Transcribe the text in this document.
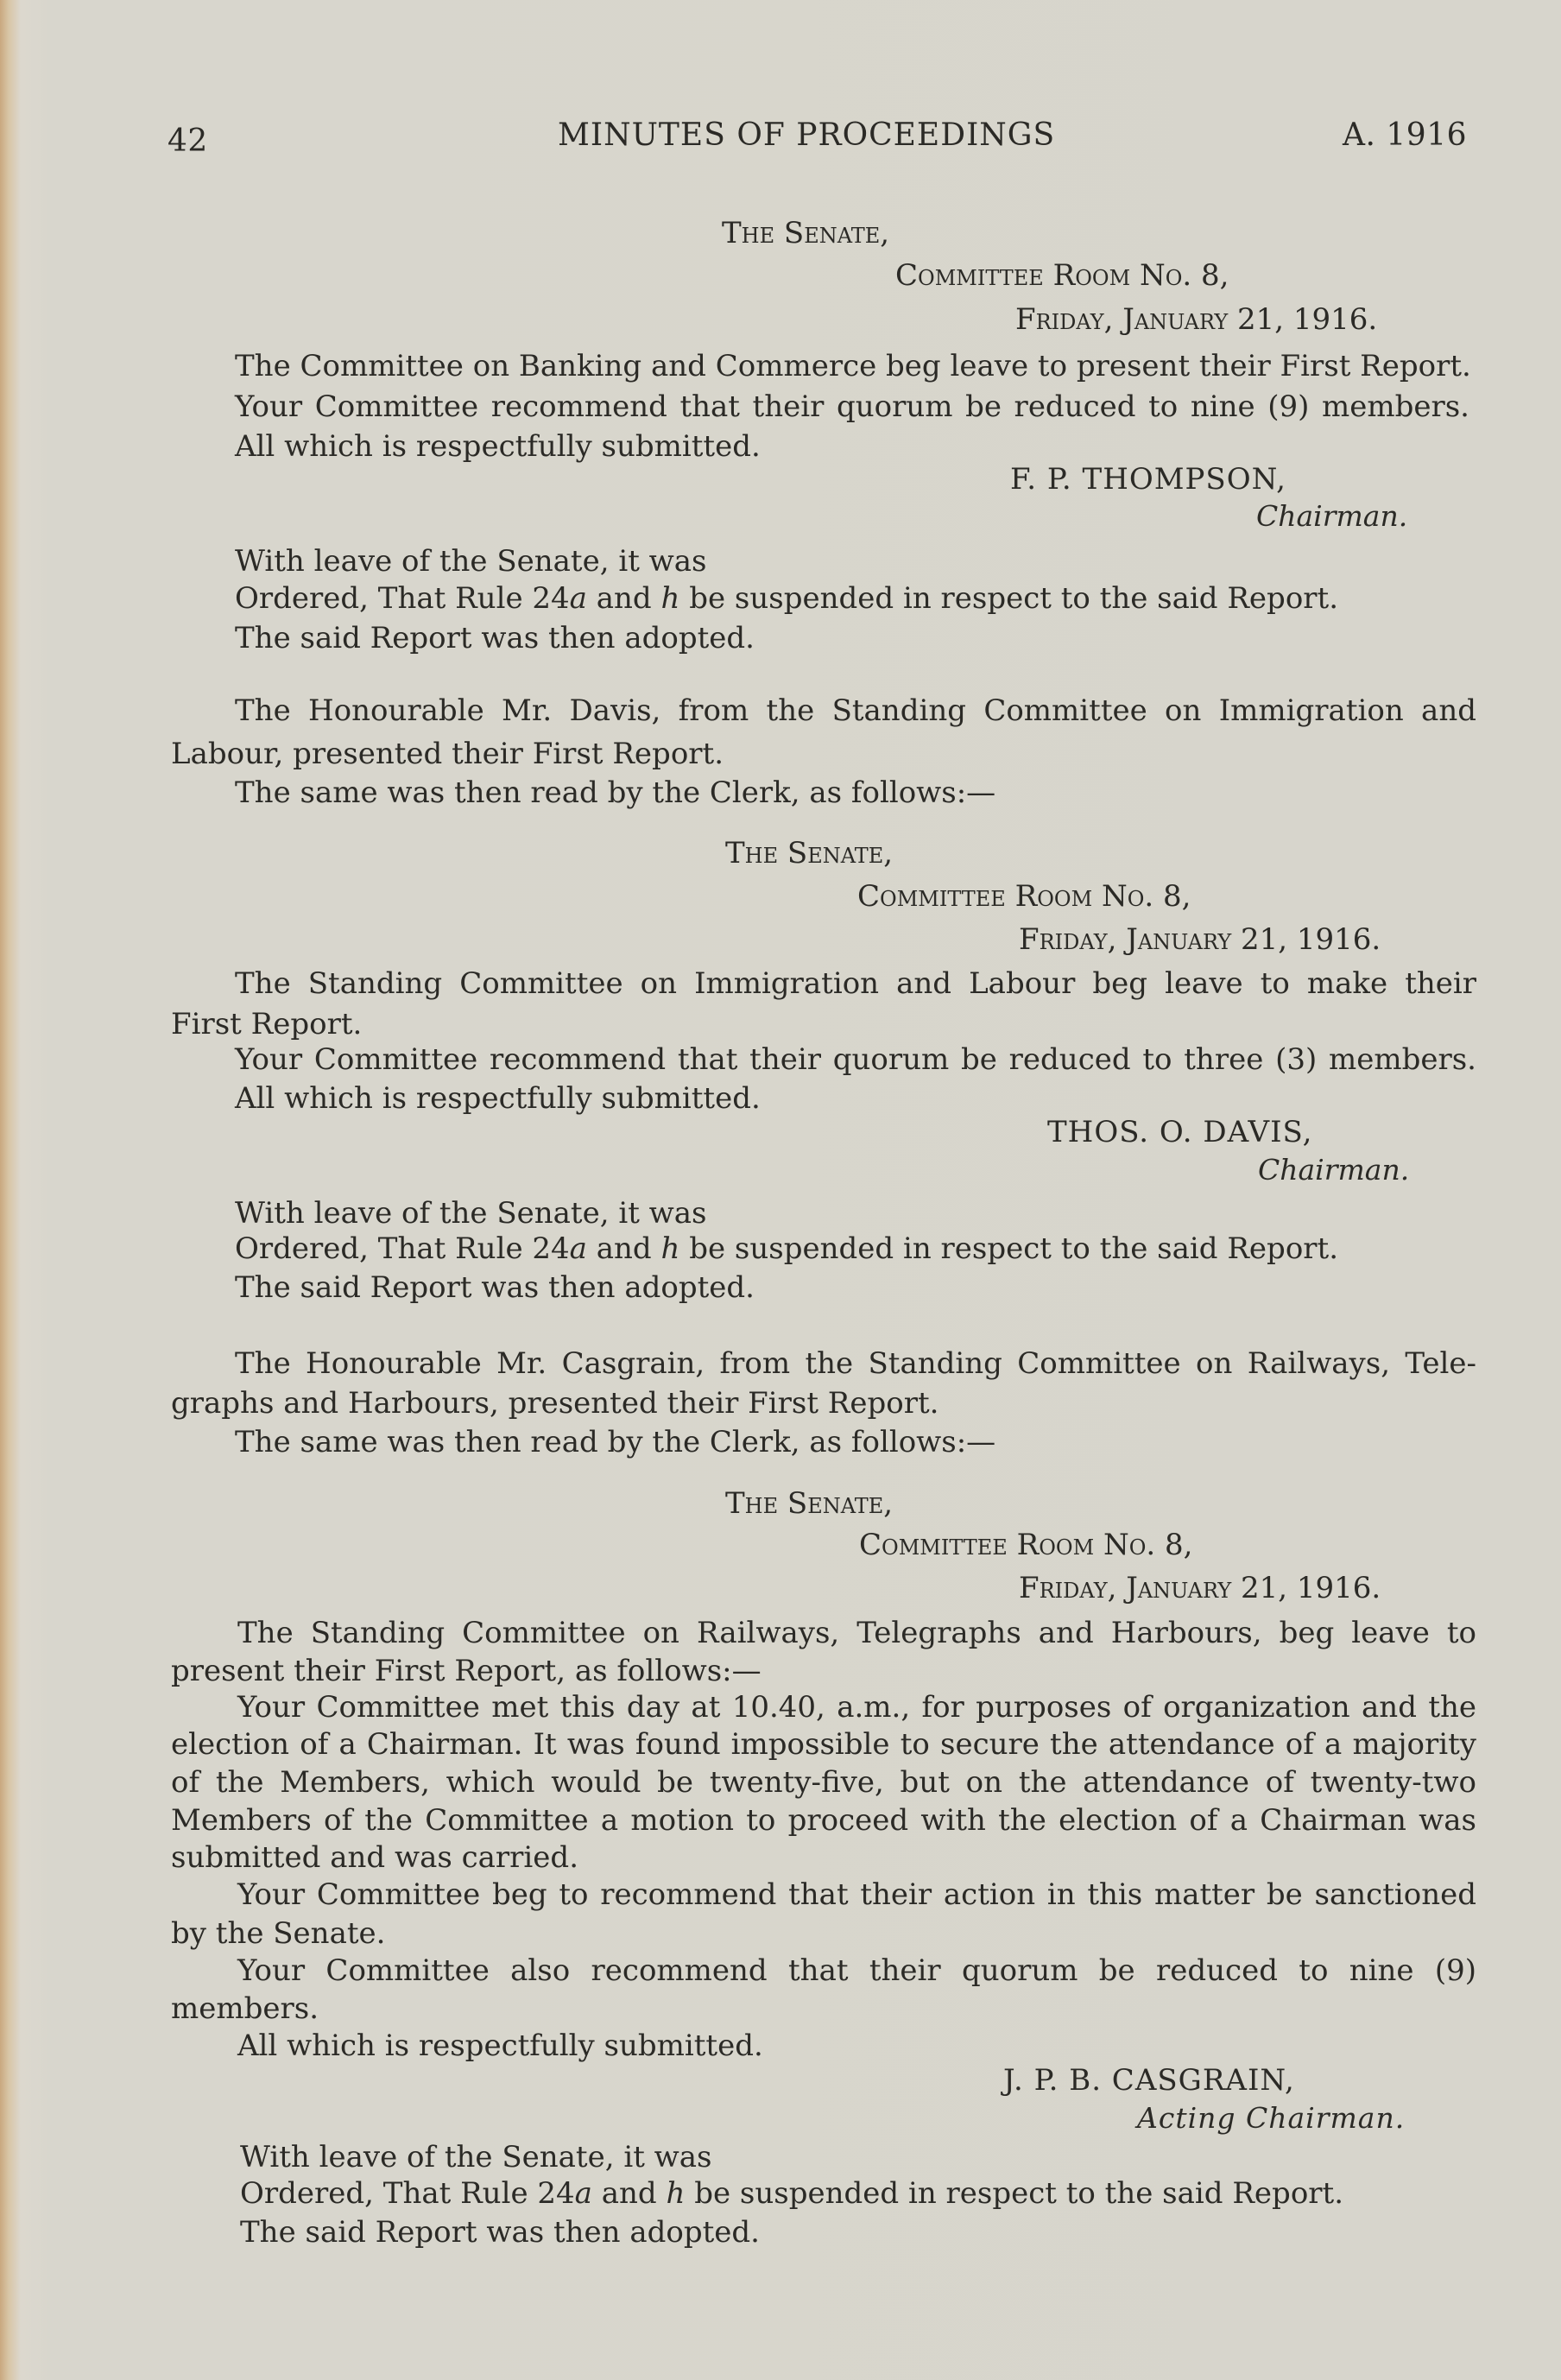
42	MINUTES OF PROCEEDINGS	A. 1916
The Senate,
Committee Room No. 8,
Friday, January 21, 1916.
The Committee on Banking and Commerce beg leave to present their First Report.
Your Committee recommend that their quorum be reduced to nine (9) members.
All which is respectfully submitted.
F. P. THOMPSON,
Chairman.
With leave of the Senate, it was
Ordered, That Rule 24a and h be suspended in respect to the said Report.
The said Report was then adopted.
The Honourable Mr. Davis, from the Standing Committee on Immigration and
Labour, presented their First Report.
The same was then read by the Clerk, as follows:—
The Senate,
Committee Room No. 8,
Friday, January 21, 1916.
The Standing Committee on Immigration and Labour beg leave to make their
First Report.
Your Committee recommend that their quorum be reduced to three (3) members.
All which is respectfully submitted.
THOS. O. DAVIS,
Chairman.
With leave of the Senate, it was
Ordered, That Rule 24a and h be suspended in respect to the said Report.
The said Report was then adopted.
The Honourable Mr. Casgrain, from the Standing Committee on Railways, Tele-
graphs and Harbours, presented their First Report.
The same was then read by the Clerk, as follows:—
The Senate,
Committee Room No. 8,
Friday, January 21, 1916.
The Standing Committee on Railways, Telegraphs and Harbours, beg leave to
present their First Report, as follows:—
Your Committee met this day at 10.40, a.m., for purposes of organization and the
election of a Chairman. It was found impossible to secure the attendance of a majority
of the Members, which would be twenty-five, but on the attendance of twenty-two
Members of the Committee a motion to proceed with the election of a Chairman was
submitted and was carried.
Your Committee beg to recommend that their action in this matter be sanctioned
by the Senate.
Your Committee also recommend that their quorum be reduced to nine (9)
members.
All which is respectfully submitted.
J. P. B. CASGRAIN,
Acting Chairman.
With leave of the Senate, it was
Ordered, That Rule 24a and h be suspended in respect to the said Report.
The said Report was then adopted.
